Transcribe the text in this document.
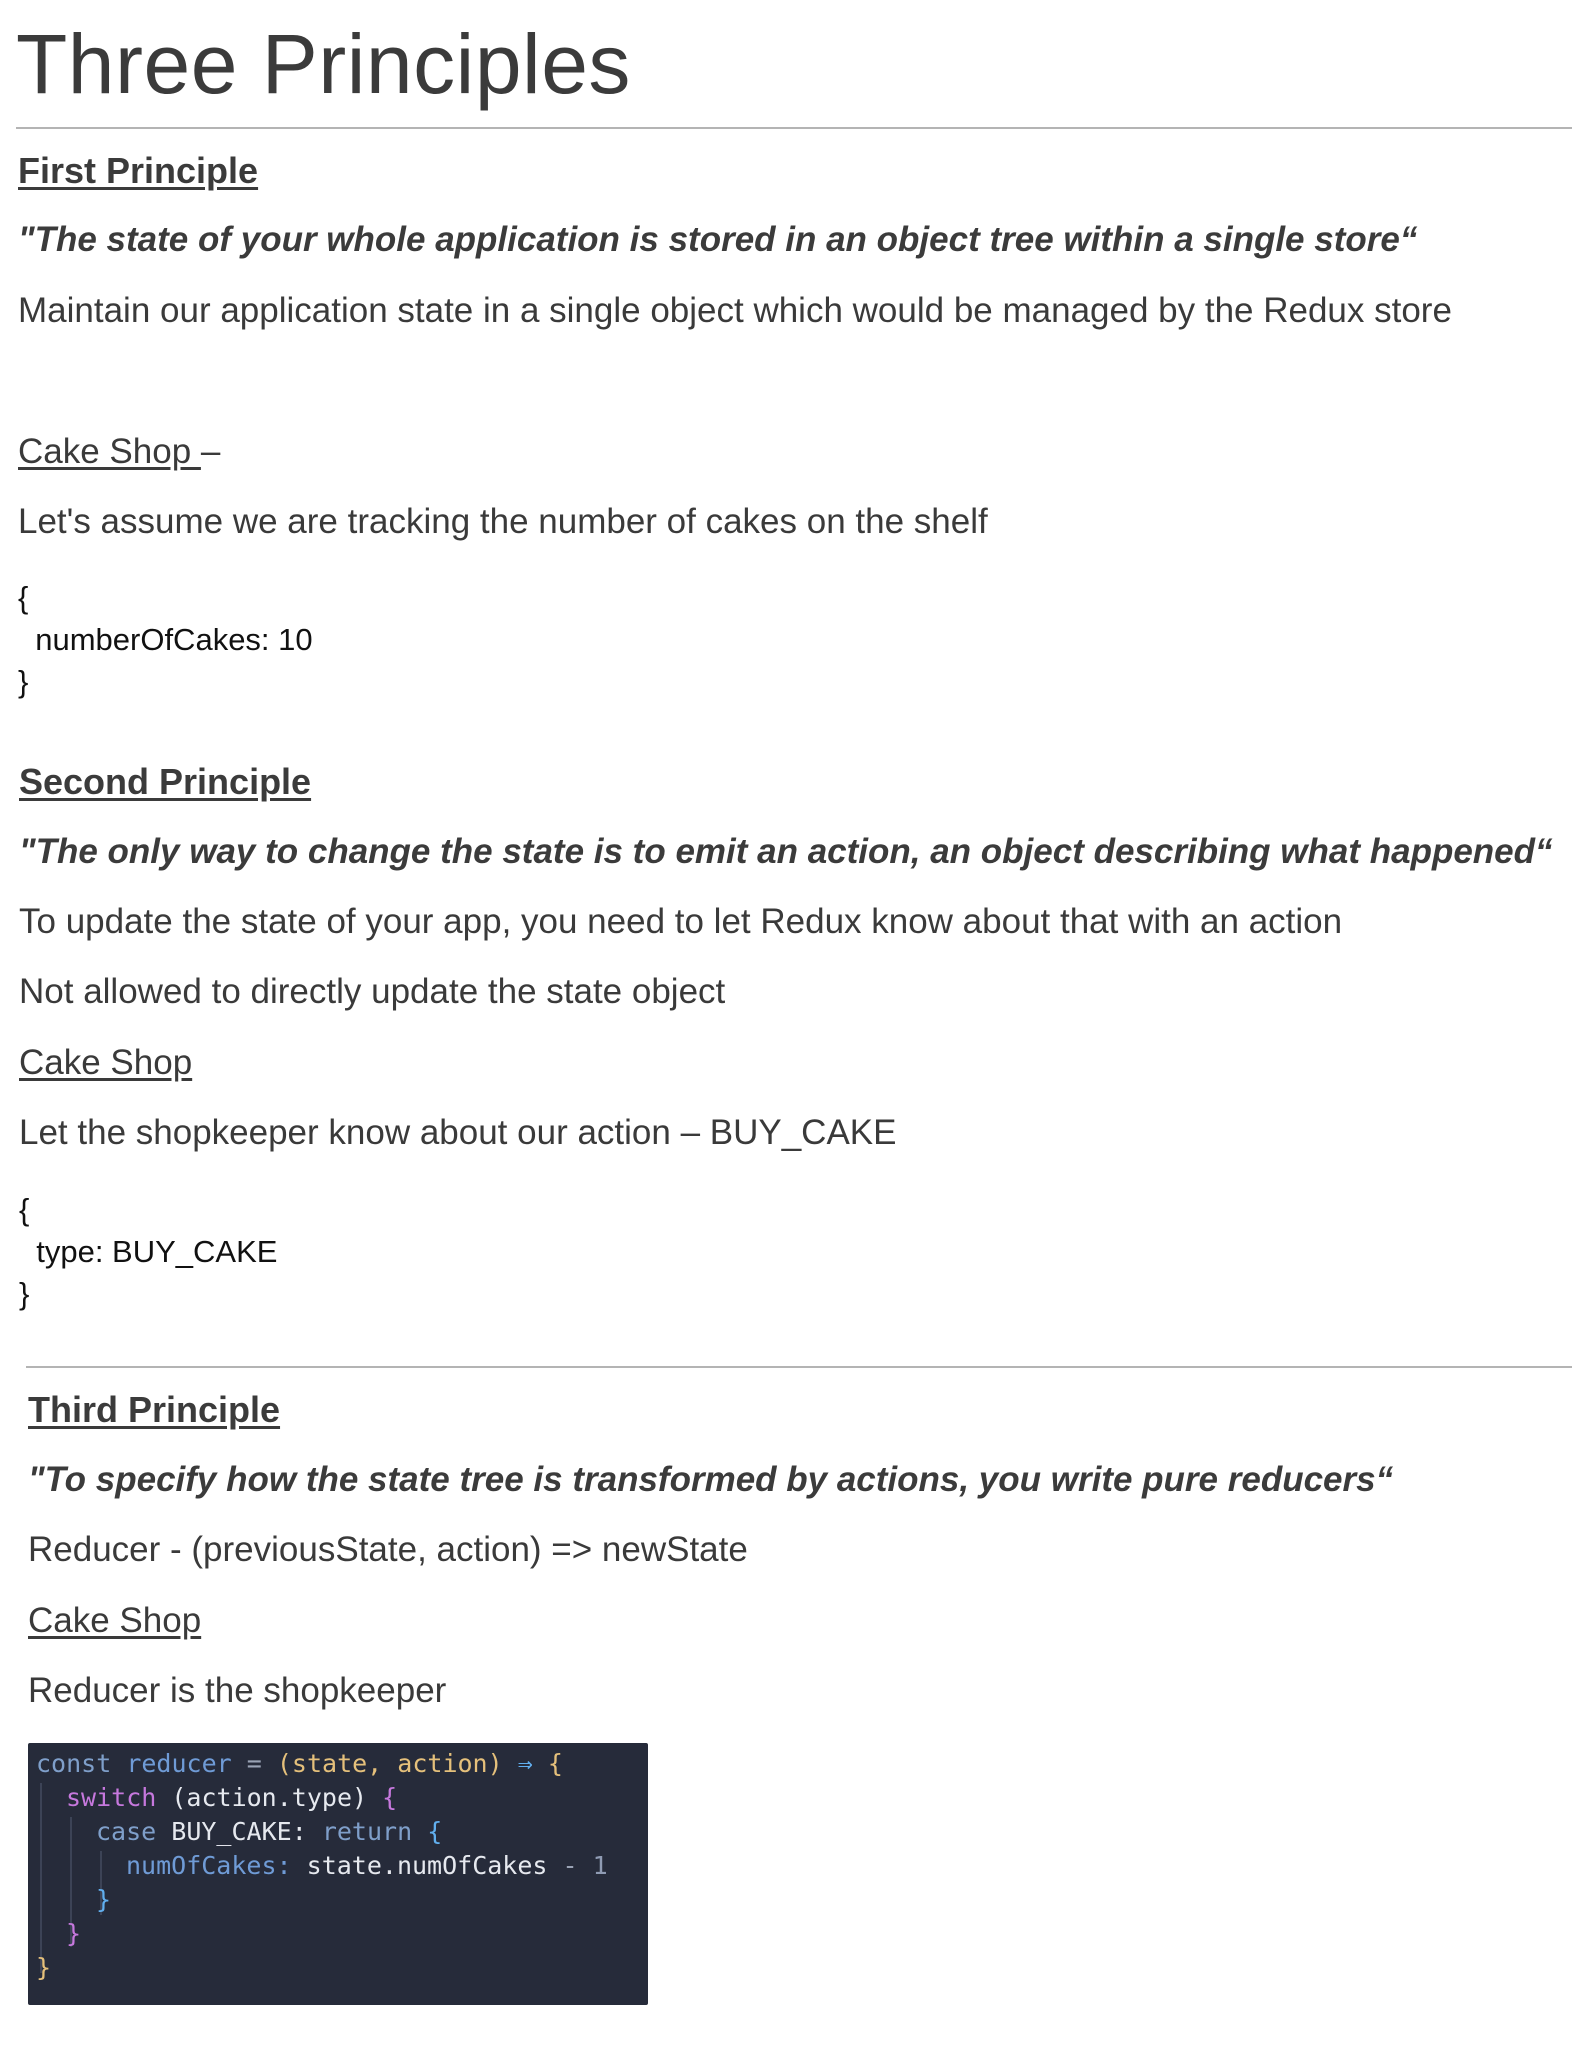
Three Principles
First Principle
"The state of your whole application is stored in an object tree within a single store“
Maintain our application state in a single object which would be managed by the Redux store
Cake Shop –
Let's assume we are tracking the number of cakes on the shelf
{
numberOfCakes: 10
}
Second Principle
"The only way to change the state is to emit an action, an object describing what happened“
To update the state of your app, you need to let Redux know about that with an action
Not allowed to directly update the state object
Cake Shop
Let the shopkeeper know about our action – BUY_CAKE
{
type: BUY_CAKE
}
Third Principle
"To specify how the state tree is transformed by actions, you write pure reducers“
Reducer - (previousState, action) => newState
Cake Shop
Reducer is the shopkeeper
const reducer = (state, action) ⇒ {
switch (action.type) {
case BUY_CAKE: return {
numOfCakes: state.numOfCakes - 1
}
}
}
